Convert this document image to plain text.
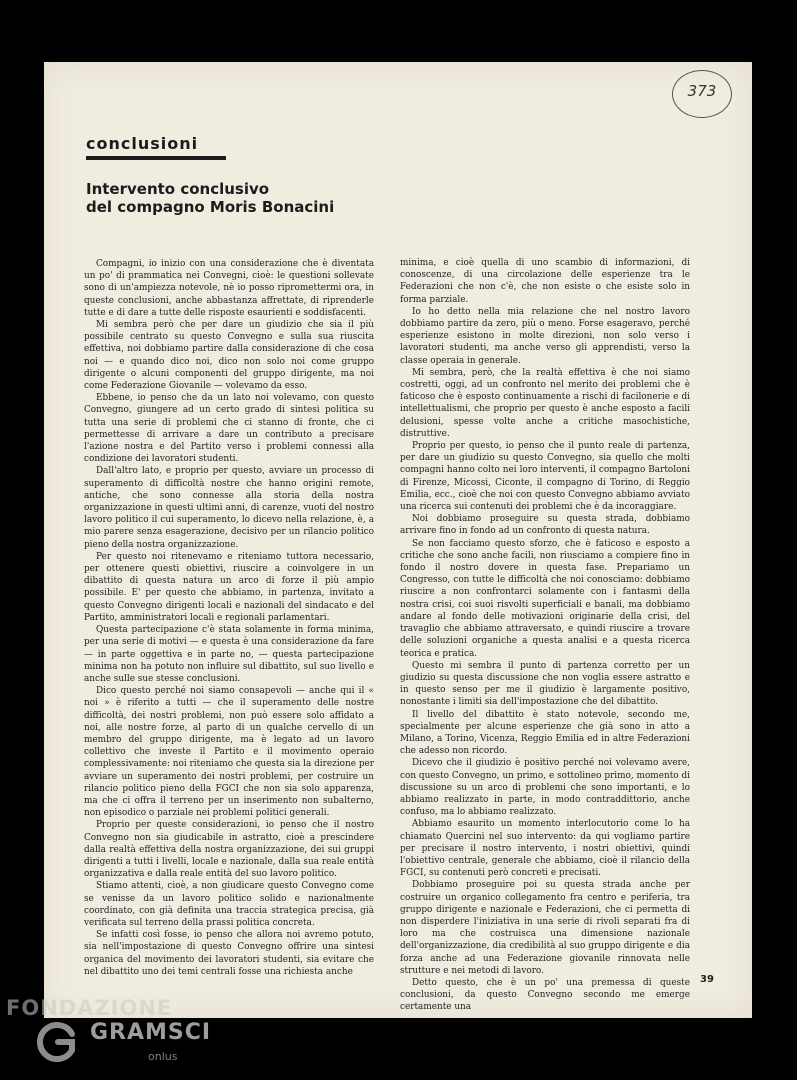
373
conclusioni
Intervento conclusivo
del compagno Moris Bonacini

Compagni, io inizio con una considerazione che è diventata un po' di prammatica nei Convegni, cioè: le questioni sollevate sono di un'ampiezza notevole, nè io posso ripromettermi ora, in queste conclusioni, anche abbastanza affrettate, di riprenderle tutte e di dare a tutte delle risposte esaurienti e soddisfacenti.

Mi sembra però che per dare un giudizio che sia il più possibile centrato su questo Convegno e sulla sua riuscita effettiva, noi dobbiamo partire dalla considerazione di che cosa noi — e quando dico noi, dico non solo noi come gruppo dirigente o alcuni componenti del gruppo dirigente, ma noi come Federazione Giovanile — volevamo da esso.

Ebbene, io penso che da un lato noi volevamo, con questo Convegno, giungere ad un certo grado di sintesi politica su tutta una serie di problemi che ci stanno di fronte, che ci permettesse di arrivare a dare un contributo a precisare l'azione nostra e del Partito verso i problemi connessi alla condizione dei lavoratori studenti.

Dall'altro lato, e proprio per questo, avviare un processo di superamento di difficoltà nostre che hanno origini remote, antiche, che sono connesse alla storia della nostra organizzazione in questi ultimi anni, di carenze, vuoti del nostro lavoro politico il cui superamento, lo dicevo nella relazione, è, a mio parere senza esagerazione, decisivo per un rilancio politico pieno della nostra organizzazione.

Per questo noi ritenevamo e riteniamo tuttora necessario, per ottenere questi obiettivi, riuscire a coinvolgere in un dibattito di questa natura un arco di forze il più ampio possibile. E' per questo che abbiamo, in partenza, invitato a questo Convegno dirigenti locali e nazionali del sindacato e del Partito, amministratori locali e regionali parlamentari.

Questa partecipazione c'è stata solamente in forma minima, per una serie di motivi — e questa è una considerazione da fare — in parte oggettiva e in parte no, — questa partecipazione minima non ha potuto non influire sul dibattito, sul suo livello e anche sulle sue stesse conclusioni.

Dico questo perché noi siamo consapevoli — anche qui il « noi » è riferito a tutti — che il superamento delle nostre difficoltà, dei nostri problemi, non può essere solo affidato a noi, alle nostre forze, al parto di un qualche cervello di un membro del gruppo dirigente, ma è legato ad un lavoro collettivo che investe il Partito e il movimento operaio complessivamente: noi riteniamo che questa sia la direzione per avviare un superamento dei nostri problemi, per costruire un rilancio politico pieno della FGCI che non sia solo apparenza, ma che ci offra il terreno per un inserimento non subalterno, non episodico o parziale nei problemi politici generali.

Proprio per queste considerazioni, io penso che il nostro Convegno non sia giudicabile in astratto, cioè a prescindere dalla realtà effettiva della nostra organizzazione, dei sui gruppi dirigenti a tutti i livelli, locale e nazionale, dalla sua reale entità organizzativa e dalla reale entità del suo lavoro politico.

Stiamo attenti, cioè, a non giudicare questo Convegno come se venisse da un lavoro politico solido e nazionalmente coordinato, con già definita una traccia strategica precisa, già verificata sul terreno della prassi politica concreta.

Se infatti così fosse, io penso che allora noi avremo potuto, sia nell'impostazione di questo Convegno offrire una sintesi organica del movimento dei lavoratori studenti, sia evitare che nel dibattito uno dei temi centrali fosse una richiesta anche

minima, e cioè quella di uno scambio di informazioni, di conoscenze, di una circolazione delle esperienze tra le Federazioni che non c'è, che non esiste o che esiste solo in forma parziale.

Io ho detto nella mia relazione che nel nostro lavoro dobbiamo partire da zero, più o meno. Forse esageravo, perché esperienze esistono in molte direzioni, non solo verso i lavoratori studenti, ma anche verso gli apprendisti, verso la classe operaia in generale.

Mi sembra, però, che la realtà effettiva è che noi siamo costretti, oggi, ad un confronto nel merito dei problemi che è faticoso che è esposto continuamente a rischi di facilonerie e di intellettualismi, che proprio per questo è anche esposto a facili delusioni, spesse volte anche a critiche masochistiche, distruttive.

Proprio per questo, io penso che il punto reale di partenza, per dare un giudizio su questo Convegno, sia quello che molti compagni hanno colto nei loro interventi, il compagno Bartoloni di Firenze, Micossi, Ciconte, il compagno di Torino, di Reggio Emilia, ecc., cioè che noi con questo Convegno abbiamo avviato una ricerca sui contenuti dei problemi che è da incoraggiare.

Noi dobbiamo proseguire su questa strada, dobbiamo arrivare fino in fondo ad un confronto di questa natura.

Se non facciamo questo sforzo, che è faticoso e esposto a critiche che sono anche facili, non riusciamo a compiere fino in fondo il nostro dovere in questa fase. Prepariamo un Congresso, con tutte le difficoltà che noi conosciamo: dobbiamo riuscire a non confrontarci solamente con i fantasmi della nostra crisi, coi suoi risvolti superficiali e banali, ma dobbiamo andare al fondo delle motivazioni originarie della crisi, del travaglio che abbiamo attraversato, e quindi riuscire a trovare delle soluzioni organiche a questa analisi e a questa ricerca teorica e pratica.

Questo mi sembra il punto di partenza corretto per un giudizio su questa discussione che non voglia essere astratto e in questo senso per me il giudizio è largamente positivo, nonostante i limiti sia dell'impostazione che del dibattito.

Il livello del dibattito è stato notevole, secondo me, specialmente per alcune esperienze che già sono in atto a Milano, a Torino, Vicenza, Reggio Emilia ed in altre Federazioni che adesso non ricordo.

Dicevo che il giudizio è positivo perché noi volevamo avere, con questo Convegno, un primo, e sottolineo primo, momento di discussione su un arco di problemi che sono importanti, e lo abbiamo realizzato in parte, in modo contraddittorio, anche confuso, ma lo abbiamo realizzato.

Abbiamo esaurito un momento interlocutorio come lo ha chiamato Quercini nel suo intervento: da qui vogliamo partire per precisare il nostro intervento, i nostri obiettivi, quindi l'obiettivo centrale, generale che abbiamo, cioè il rilancio della FGCI, su contenuti però concreti e precisati.

Dobbiamo proseguire poi su questa strada anche per costruire un organico collegamento fra centro e periferia, tra gruppo dirigente e nazionale e Federazioni, che ci permetta di non disperdere l'iniziativa in una serie di rivoli separati fra di loro ma che costruisca una dimensione nazionale dell'organizzazione, dia credibilità al suo gruppo dirigente e dia forza anche ad una Federazione giovanile rinnovata nelle strutture e nei metodi di lavoro.

Detto questo, che è un po' una premessa di queste conclusioni, da questo Convegno secondo me emerge certamente una

39
FONDAZIONE
GRAMSCI
onlus
